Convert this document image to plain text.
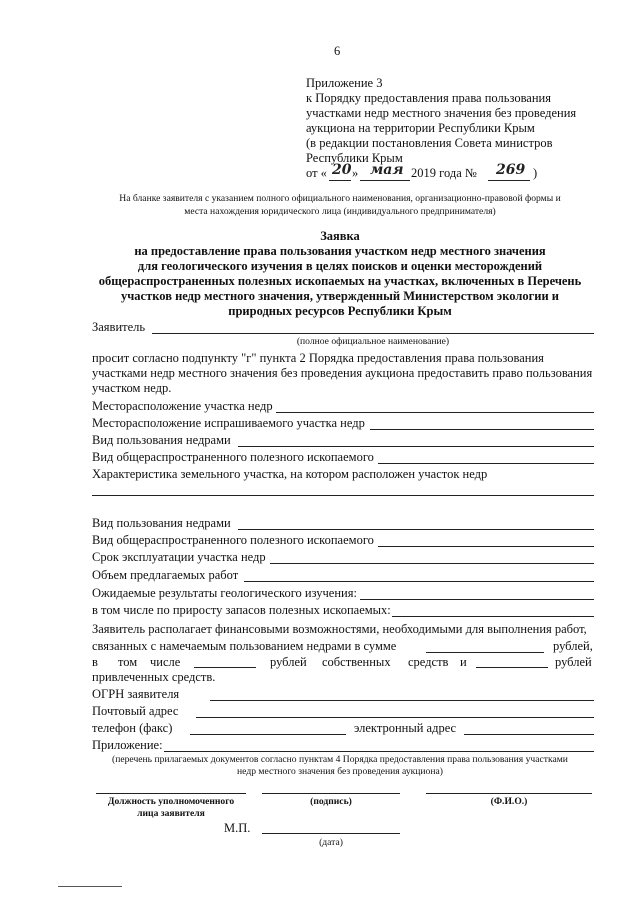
6
Приложение 3
к Порядку предоставления права пользования
участками недр местного значения без проведения
аукциона на территории Республики Крым
(в редакции постановления Совета министров
Республики Крым
от « 20 » мая 2019 года № 269 )
На бланке заявителя с указанием полного официального наименования, организационно-правовой формы и
места нахождения юридического лица (индивидуального предпринимателя)
Заявка
на предоставление права пользования участком недр местного значения
для геологического изучения в целях поисков и оценки месторождений
общераспространенных полезных ископаемых на участках, включенных в Перечень
участков недр местного значения, утвержденный Министерством экологии и
природных ресурсов Республики Крым
Заявитель
(полное официальное наименование)
просит согласно подпункту "г" пункта 2 Порядка предоставления права пользования
участками недр местного значения без проведения аукциона предоставить право пользования
участком недр.
Месторасположение участка недр
Месторасположение испрашиваемого участка недр
Вид пользования недрами
Вид общераспространенного полезного ископаемого
Характеристика земельного участка, на котором расположен участок недр
Вид пользования недрами
Вид общераспространенного полезного ископаемого
Срок эксплуатации участка недр
Объем предлагаемых работ
Ожидаемые результаты геологического изучения:
в том числе по приросту запасов полезных ископаемых:
Заявитель располагает финансовыми возможностями, необходимыми для выполнения работ,
связанных с намечаемым пользованием недрами в сумме	рублей,
в том числе	рублей собственных средств и	рублей
привлеченных средств.
ОГРН заявителя
Почтовый адрес
телефон (факс)	электронный адрес
Приложение:
(перечень прилагаемых документов согласно пунктам 4 Порядка предоставления права пользования участками
недр местного значения без проведения аукциона)
Должность уполномоченного
лица заявителя
(подпись)	(Ф.И.О.)
М.П.
(дата)
